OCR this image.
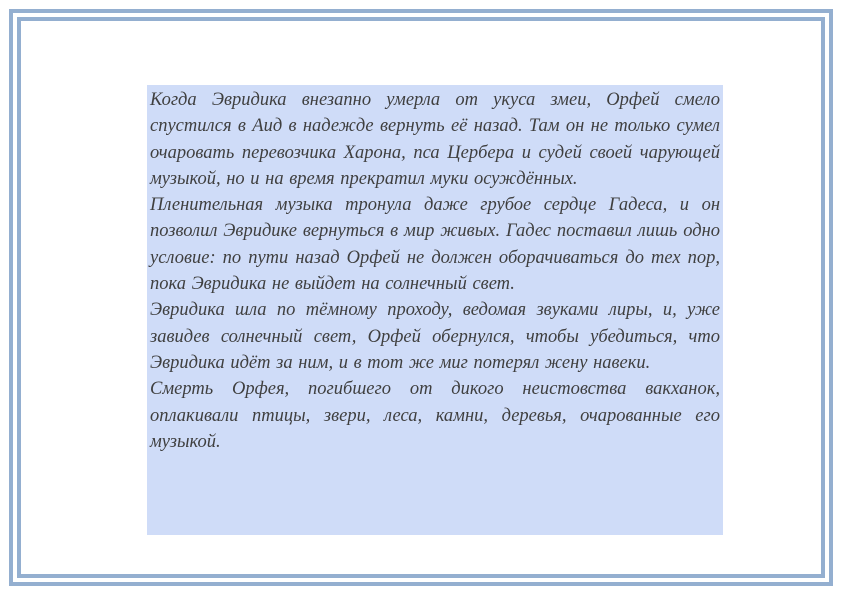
Когда Эвридика внезапно умерла от укуса змеи, Орфей смело спустился в Аид в надежде вернуть её назад. Там он не только сумел очаровать перевозчика Харона, пса Цербера и судей своей чарующей музыкой, но и на время прекратил муки осуждённых.

Пленительная музыка тронула даже грубое сердце Гадеса, и он позволил Эвридике вернуться в мир живых. Гадес поставил лишь одно условие: по пути назад Орфей не должен оборачиваться до тех пор, пока Эвридика не выйдет на солнечный свет.

Эвридика шла по тёмному проходу, ведомая звуками лиры, и, уже завидев солнечный свет, Орфей обернулся, чтобы убедиться, что Эвридика идёт за ним, и в тот же миг потерял жену навеки.

Смерть Орфея, погибшего от дикого неистовства вакханок, оплакивали птицы, звери, леса, камни, деревья, очарованные его музыкой.
